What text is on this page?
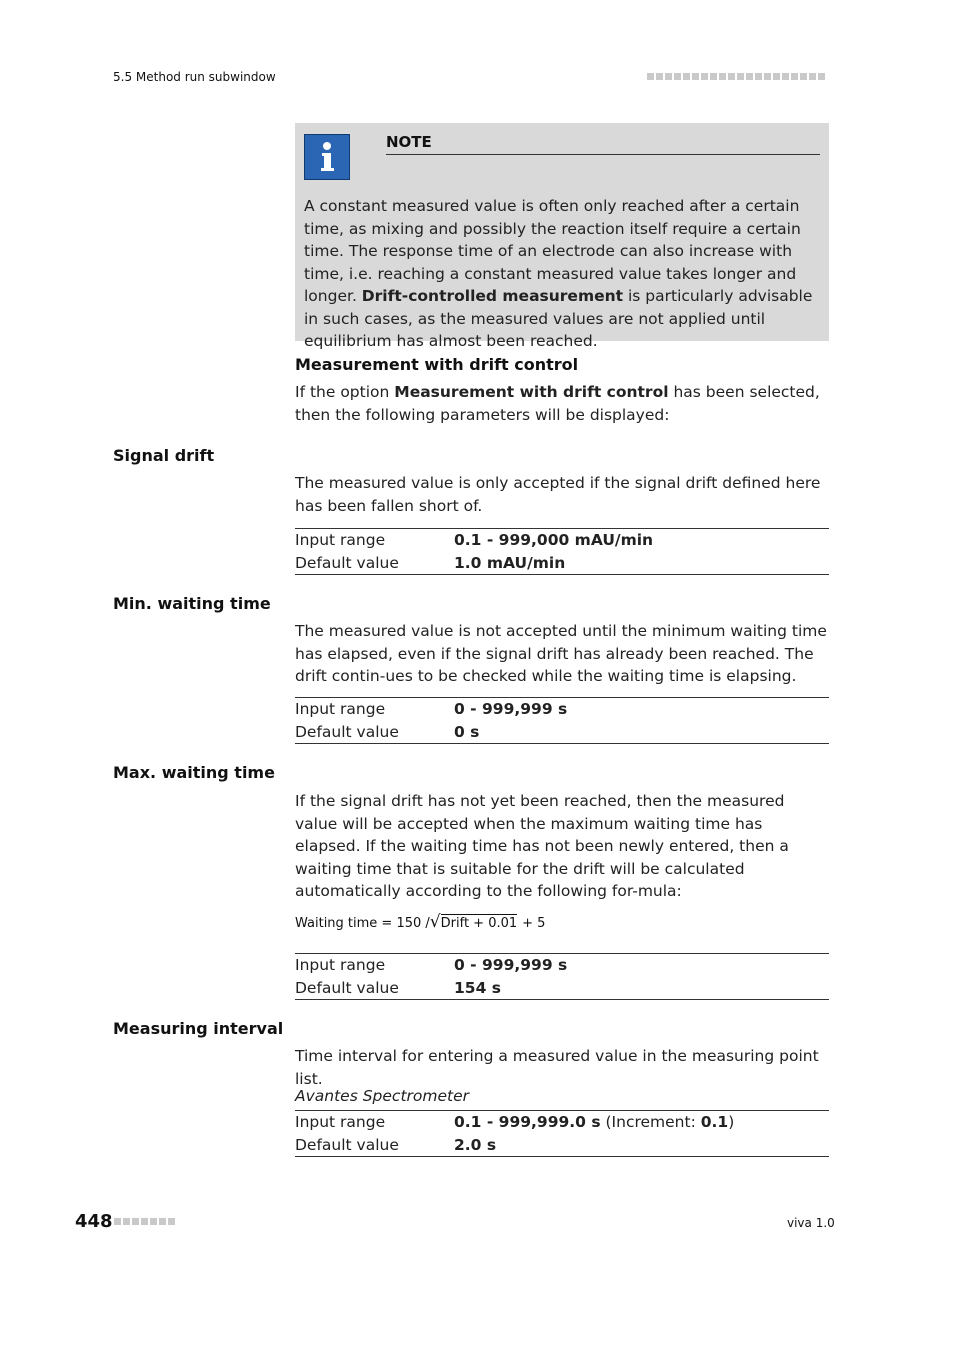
5.5 Method run subwindow
NOTE
A constant measured value is often only reached after a certain time, as mixing and possibly the reaction itself require a certain time. The response time of an electrode can also increase with time, i.e. reaching a constant measured value takes longer and longer. Drift-controlled measurement is particularly advisable in such cases, as the measured values are not applied until equilibrium has almost been reached.
Measurement with drift control
If the option Measurement with drift control has been selected, then the following parameters will be displayed:
Signal drift
The measured value is only accepted if the signal drift defined here has been fallen short of.
Input range	0.1 - 999,000 mAU/min
Default value	1.0 mAU/min
Min. waiting time
The measured value is not accepted until the minimum waiting time has elapsed, even if the signal drift has already been reached. The drift contin-ues to be checked while the waiting time is elapsing.
Input range	0 - 999,999 s
Default value	0 s
Max. waiting time
If the signal drift has not yet been reached, then the measured value will be accepted when the maximum waiting time has elapsed. If the waiting time has not been newly entered, then a waiting time that is suitable for the drift will be calculated automatically according to the following for-mula:
Waiting time = 150 / √ Drift + 0.01 + 5
Input range	0 - 999,999 s
Default value	154 s
Measuring interval
Time interval for entering a measured value in the measuring point list.
Avantes Spectrometer
Input range	0.1 - 999,999.0 s (Increment: 0.1)
Default value	2.0 s
448	viva 1.0
